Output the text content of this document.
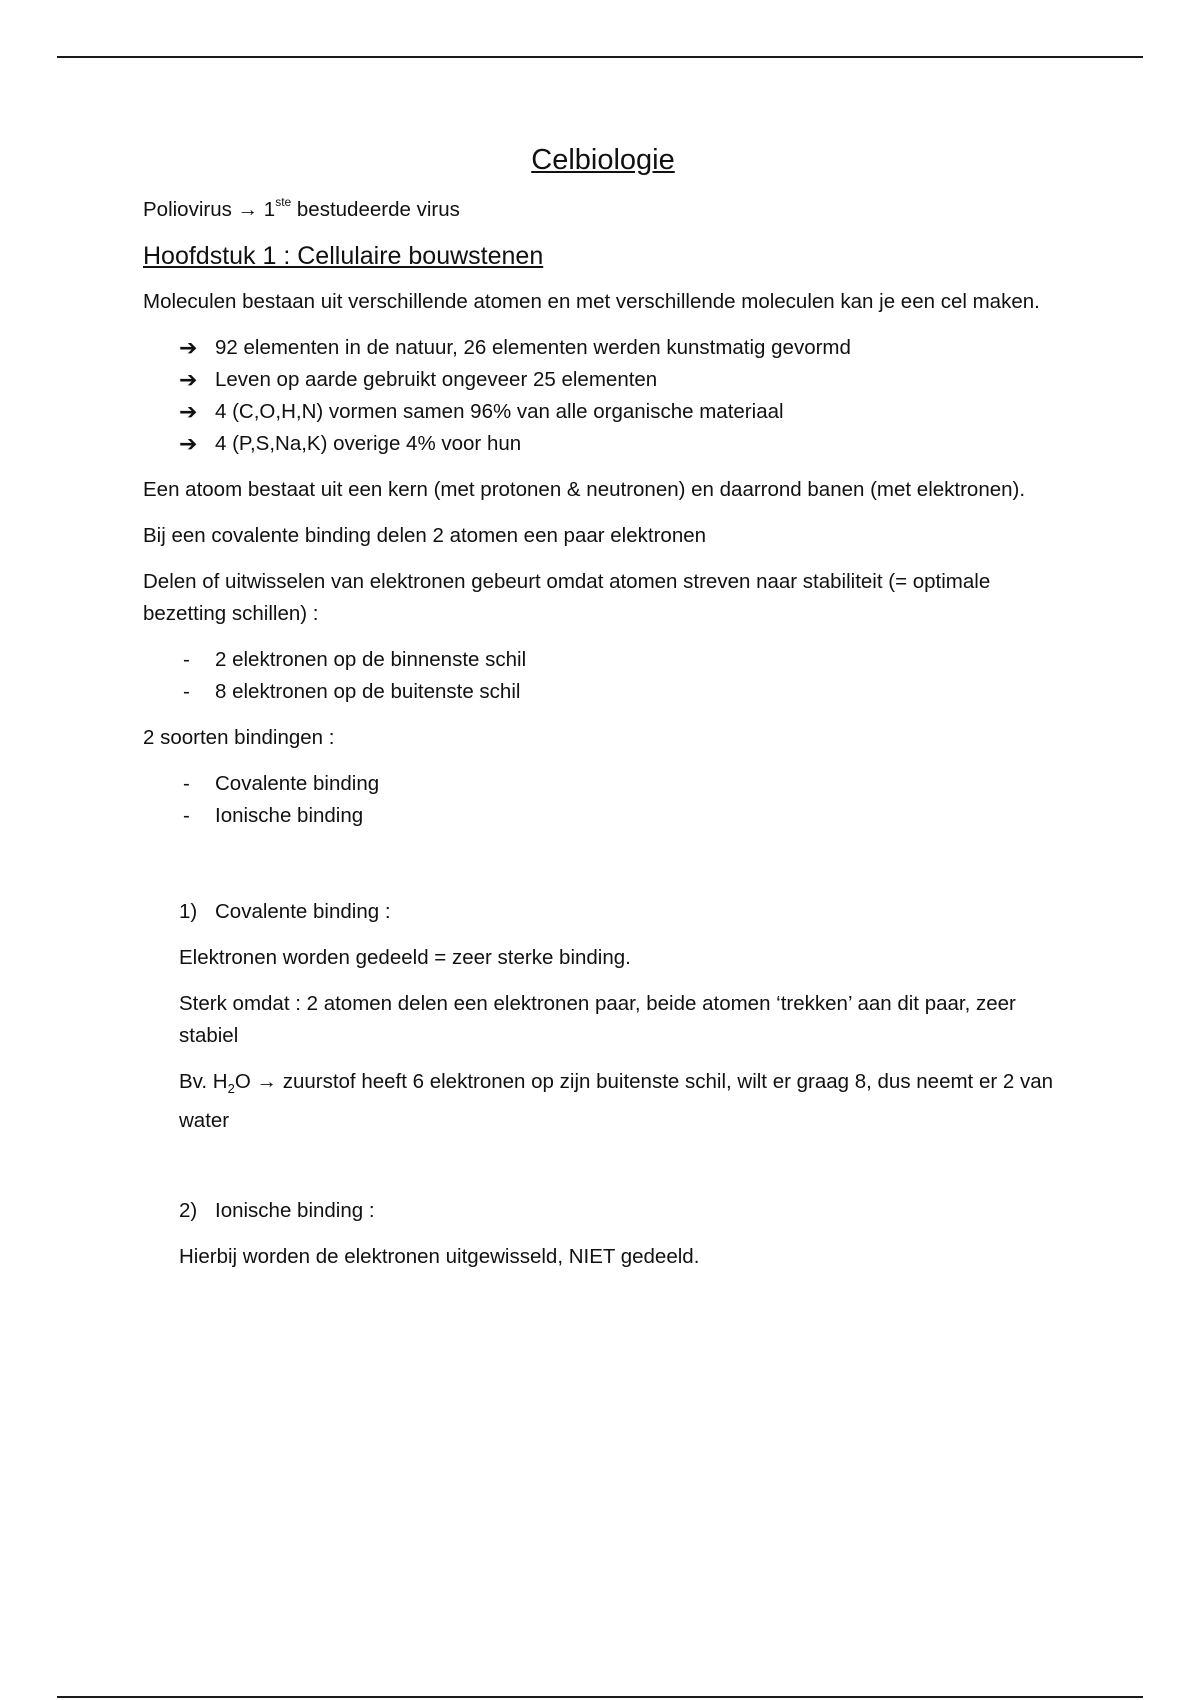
Celbiologie
Poliovirus → 1ste bestudeerde virus
Hoofdstuk 1 : Cellulaire bouwstenen

Moleculen bestaan uit verschillende atomen en met verschillende moleculen kan je een cel maken.

➔ 92 elementen in de natuur, 26 elementen werden kunstmatig gevormd
➔ Leven op aarde gebruikt ongeveer 25 elementen
➔ 4 (C,O,H,N) vormen samen 96% van alle organische materiaal
➔ 4 (P,S,Na,K) overige 4% voor hun

Een atoom bestaat uit een kern (met protonen & neutronen) en daarrond banen (met elektronen).

Bij een covalente binding delen 2 atomen een paar elektronen

Delen of uitwisselen van elektronen gebeurt omdat atomen streven naar stabiliteit (= optimale bezetting schillen) :

- 2 elektronen op de binnenste schil
- 8 elektronen op de buitenste schil

2 soorten bindingen :

- Covalente binding
- Ionische binding
1) Covalente binding :

Elektronen worden gedeeld = zeer sterke binding.

Sterk omdat : 2 atomen delen een elektronen paar, beide atomen ‘trekken’ aan dit paar, zeer stabiel

Bv. $H_2O$ → zuurstof heeft 6 elektronen op zijn buitenste schil, wilt er graag 8, dus neemt er 2 van water

2) Ionische binding :

Hierbij worden de elektronen uitgewisseld, NIET gedeeld.
